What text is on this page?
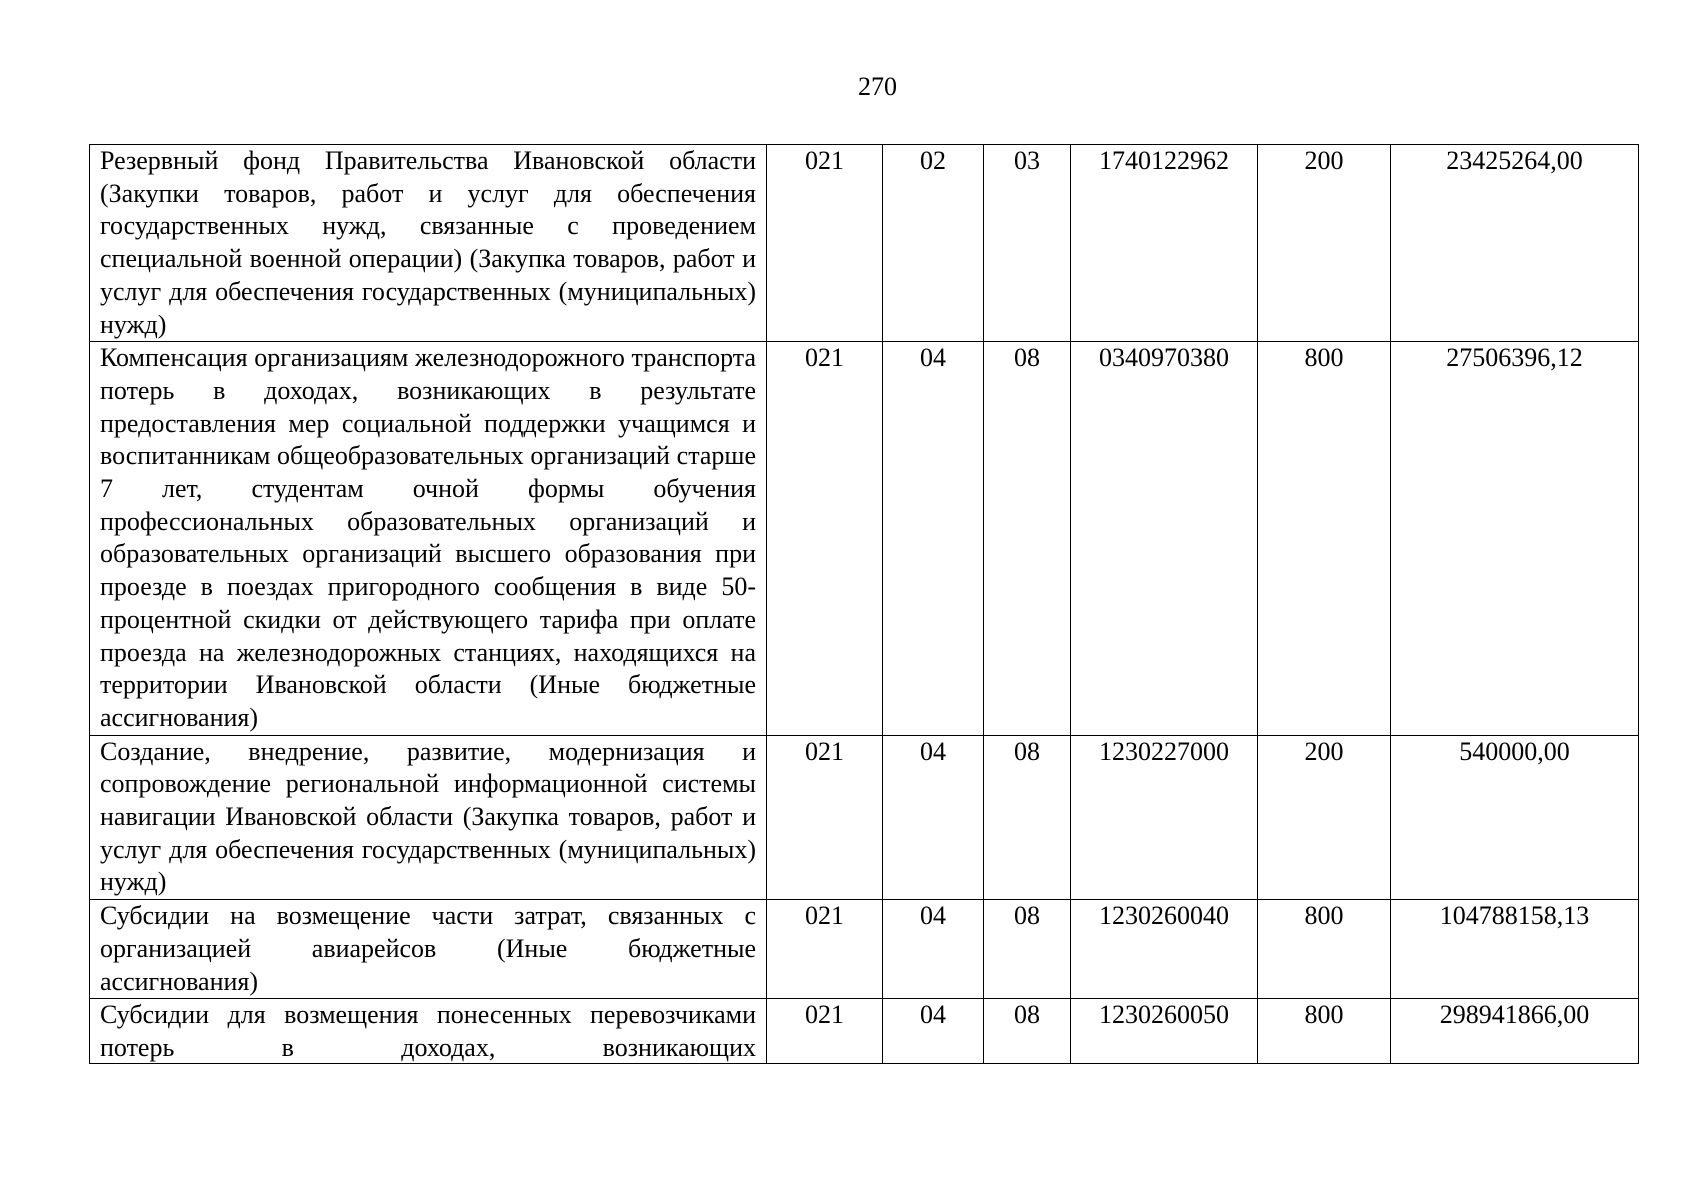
270
Резервный фонд Правительства Ивановской области (Закупки товаров, работ и услуг для обеспечения государственных нужд, связанные с проведением специальной военной операции) (Закупка товаров, работ и услуг для обеспечения государственных (муниципальных) нужд)	021	02	03	1740122962	200	23425264,00
Компенсация организациям железнодорожного транспорта потерь в доходах, возникающих в результате предоставления мер социальной поддержки учащимся и воспитанникам общеобразовательных организаций старше 7 лет, студентам очной формы обучения профессиональных образовательных организаций и образовательных организаций высшего образования при проезде в поездах пригородного сообщения в виде 50-процентной скидки от действующего тарифа при оплате проезда на железнодорожных станциях, находящихся на территории Ивановской области (Иные бюджетные ассигнования)	021	04	08	0340970380	800	27506396,12
Создание, внедрение, развитие, модернизация и сопровождение региональной информационной системы навигации Ивановской области (Закупка товаров, работ и услуг для обеспечения государственных (муниципальных) нужд)	021	04	08	1230227000	200	540000,00
Субсидии на возмещение части затрат, связанных с организацией авиарейсов (Иные бюджетные ассигнования)	021	04	08	1230260040	800	104788158,13

Субсидии для возмещения понесенных перевозчиками потерь в доходах, возникающих	021	04	08	1230260050	800	298941866,00
